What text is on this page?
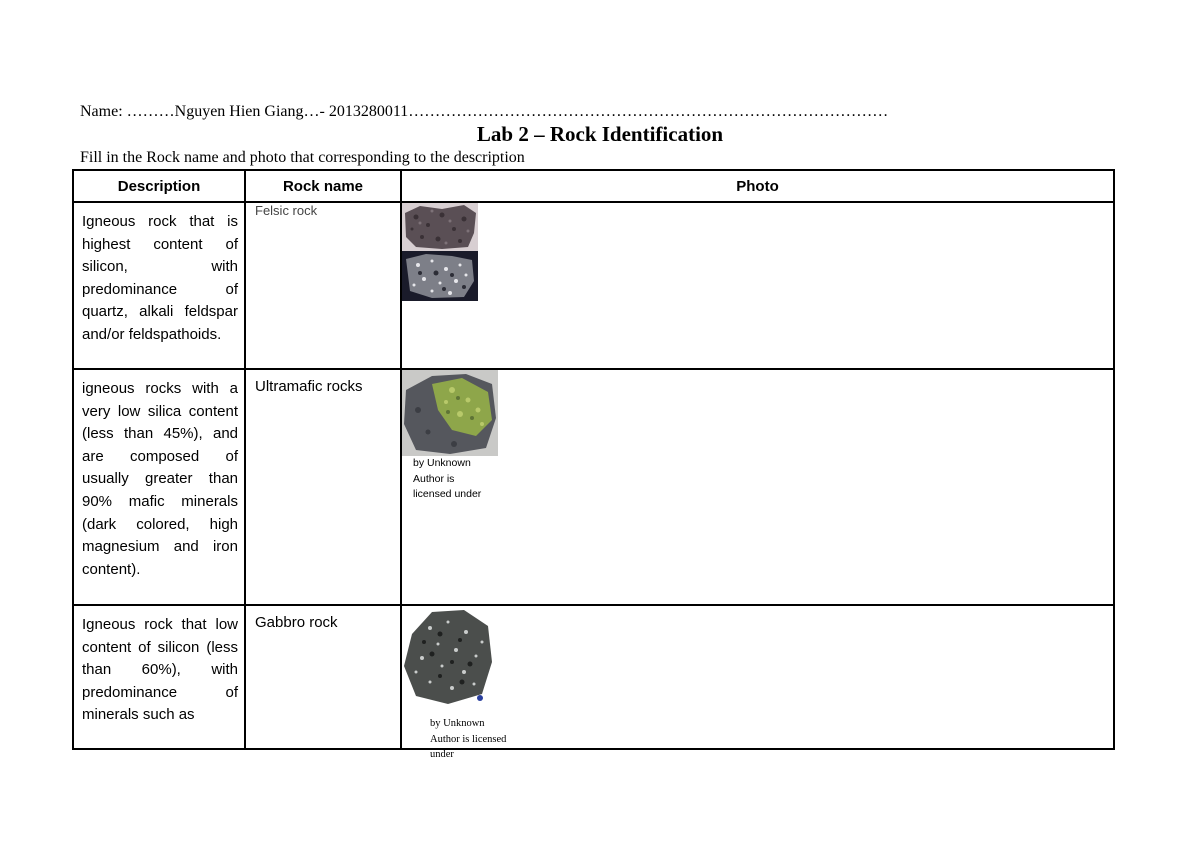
Name: ………Nguyen Hien Giang…- 2013280011………………………………………………………………………………
Lab 2 – Rock Identification
Fill in the Rock name and photo that corresponding to the description
Description	Rock name	Photo

Igneous rock that is highest content of silicon, with predominance of quartz, alkali feldspar and/or feldspathoids.	Felsic rock

igneous rocks with a very low silica content (less than 45%), and are composed of usually greater than 90% mafic minerals (dark colored, high magnesium and iron content).	Ultramafic rocks	by Unknown Author is licensed under

Igneous rock that low content of silicon (less than 60%), with predominance of minerals such as	Gabbro rock

by Unknown Author is licensed under
